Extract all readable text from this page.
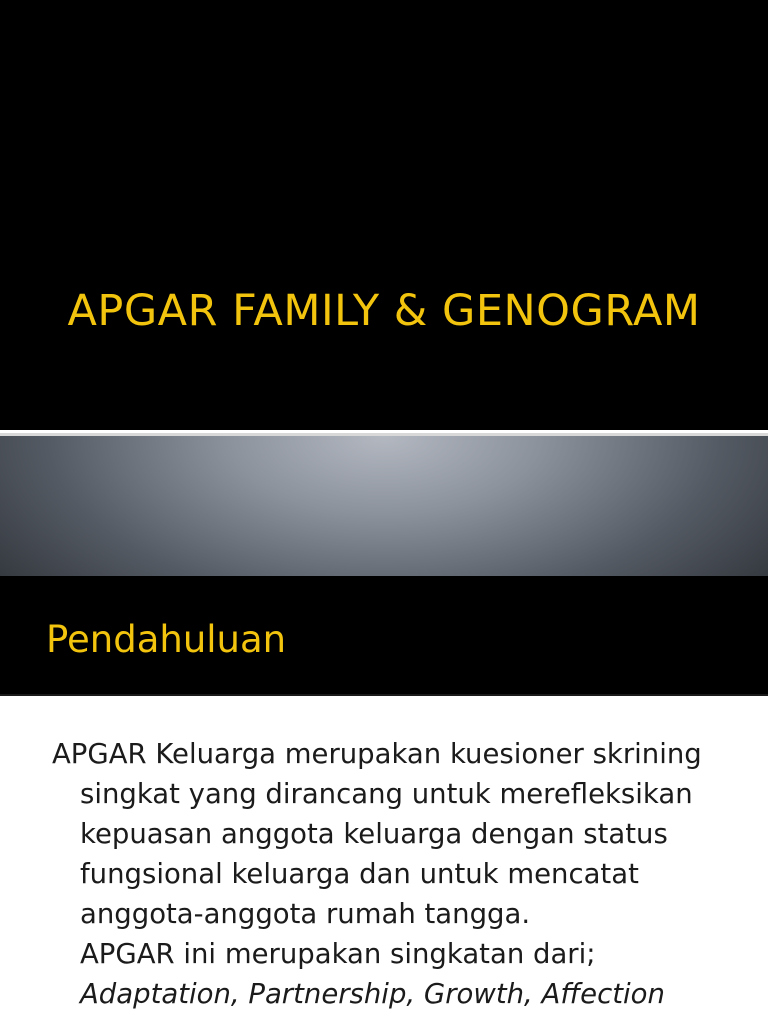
APGAR FAMILY & GENOGRAM
Pendahuluan
APGAR Keluarga merupakan kuesioner skrining
singkat yang dirancang untuk merefleksikan
kepuasan anggota keluarga dengan status
fungsional keluarga dan untuk mencatat
anggota-anggota rumah tangga.
APGAR ini merupakan singkatan dari;
Adaptation, Partnership, Growth, Affection
